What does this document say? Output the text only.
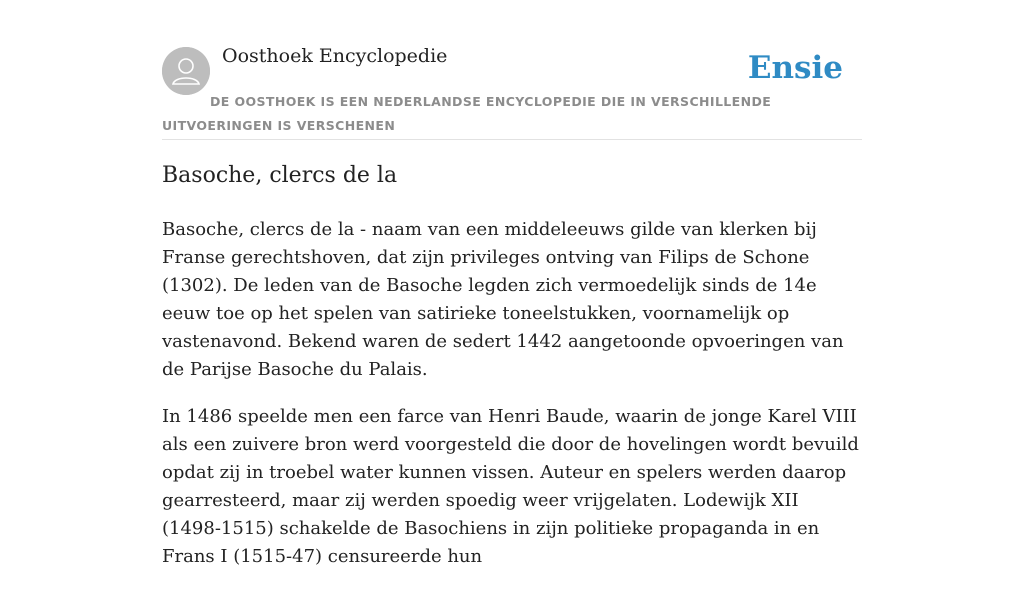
Oosthoek Encyclopedie	Ensie
DE OOSTHOEK IS EEN NEDERLANDSE ENCYCLOPEDIE DIE IN VERSCHILLENDE UITVOERINGEN IS VERSCHENEN
Basoche, clercs de la

Basoche, clercs de la - naam van een middeleeuws gilde van klerken bij Franse gerechtshoven, dat zijn privileges ontving van Filips de Schone (1302). De leden van de Basoche legden zich vermoedelijk sinds de 14e eeuw toe op het spelen van satirieke toneelstukken, voornamelijk op vastenavond. Bekend waren de sedert 1442 aangetoonde opvoeringen van de Parijse Basoche du Palais.

In 1486 speelde men een farce van Henri Baude, waarin de jonge Karel VIII als een zuivere bron werd voorgesteld die door de hovelingen wordt bevuild opdat zij in troebel water kunnen vissen. Auteur en spelers werden daarop gearresteerd, maar zij werden spoedig weer vrijgelaten. Lodewijk XII (1498-1515) schakelde de Basochiens in zijn politieke propaganda in en Frans I (1515-47) censureerde hun
